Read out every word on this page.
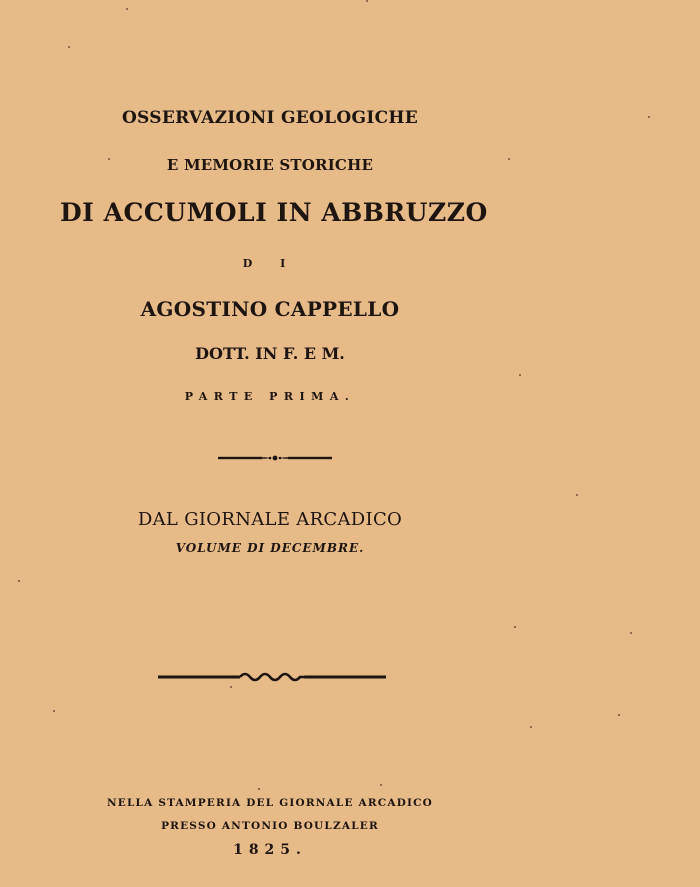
OSSERVAZIONI GEOLOGICHE
E MEMORIE STORICHE
DI ACCUMOLI IN ABBRUZZO
D I
AGOSTINO CAPPELLO
DOTT. IN F. E M.
PARTE PRIMA.
DAL GIORNALE ARCADICO
VOLUME DI DECEMBRE.
NELLA STAMPERIA DEL GIORNALE ARCADICO
PRESSO ANTONIO BOULZALER
1825.
